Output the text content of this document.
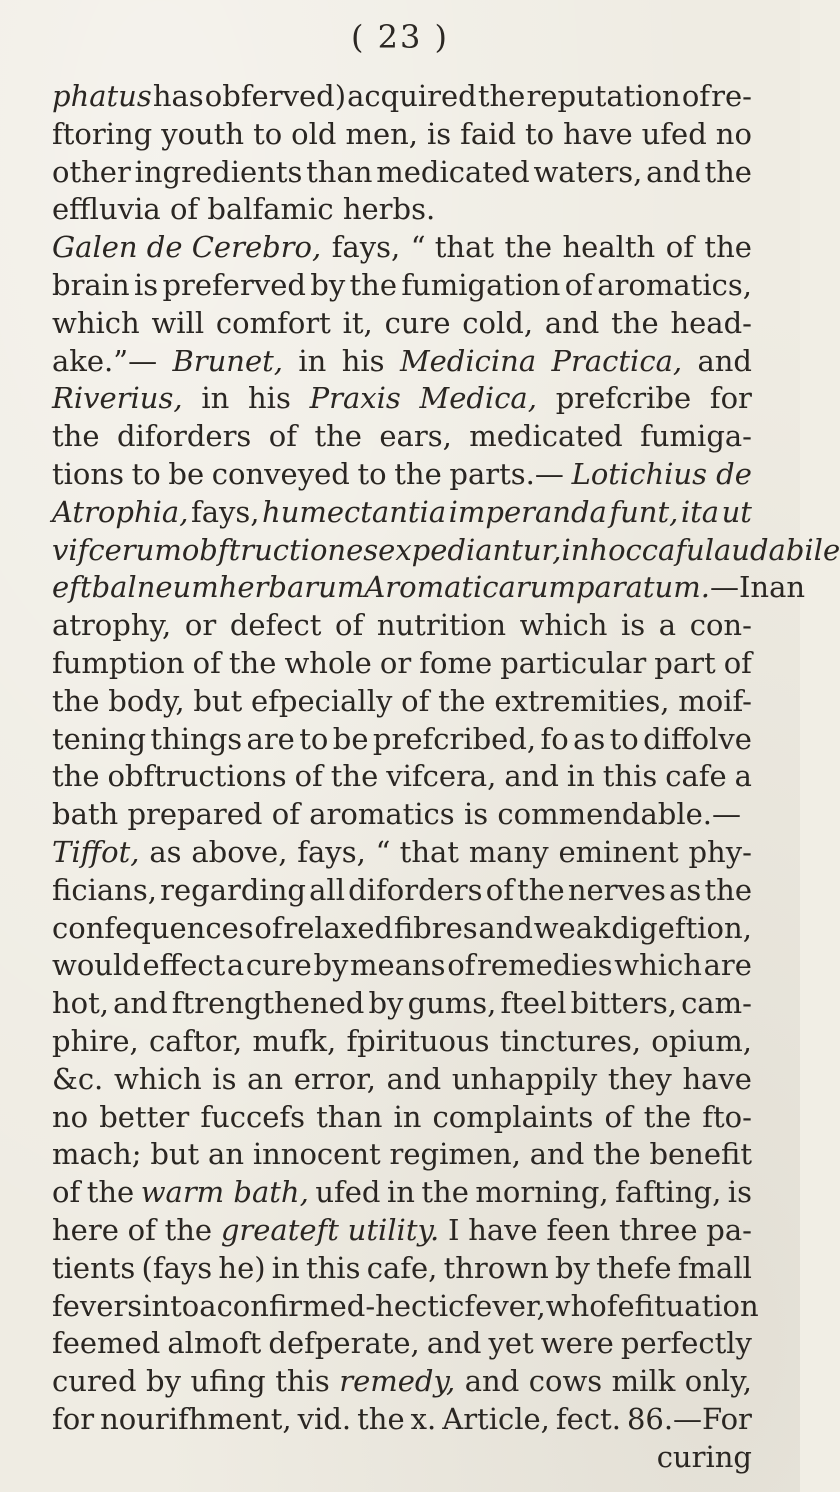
( 23 )
phatus has obferved) acquired the reputation of re-
ftoring youth to old men, is faid to have ufed no
other ingredients than medicated waters, and the
effluvia of balfamic herbs.
Galen de Cerebro, fays, “ that the health of the
brain is preferved by the fumigation of aromatics,
which will comfort it, cure cold, and the head-
ake.”— Brunet, in his Medicina Practica, and
Riverius, in his Praxis Medica, prefcribe for
the diforders of the ears, medicated fumiga-
tions to be conveyed to the parts.— Lotichius de
Atrophia, fays, humectantia imperanda funt, ita ut
vifcerum obftructiones expediantur, in hoc cafu laudabile
eft balneum herbarum Aromaticarum paratum. —In an
atrophy, or defect of nutrition which is a con-
fumption of the whole or fome particular part of
the body, but efpecially of the extremities, moif-
tening things are to be prefcribed, fo as to diffolve
the obftructions of the vifcera, and in this cafe a
bath prepared of aromatics is commendable.—
Tiffot, as above, fays, “ that many eminent phy-
ficians, regarding all diforders of the nerves as the
confequences of relaxed fibres and weak digeftion,
would effect a cure by means of remedies which are
hot, and ftrengthened by gums, fteel bitters, cam-
phire, caftor, mufk, fpirituous tinctures, opium,
&c. which is an error, and unhappily they have
no better fuccefs than in complaints of the fto-
mach; but an innocent regimen, and the benefit
of the warm bath, ufed in the morning, fafting, is
here of the greateft utility. I have feen three pa-
tients (fays he) in this cafe, thrown by thefe fmall
fevers into a confirmed-hectic fever, whofe fituation
feemed almoft defperate, and yet were perfectly
cured by ufing this remedy, and cows milk only,
for nourifhment, vid. the x. Article, fect. 86.—For
curing
